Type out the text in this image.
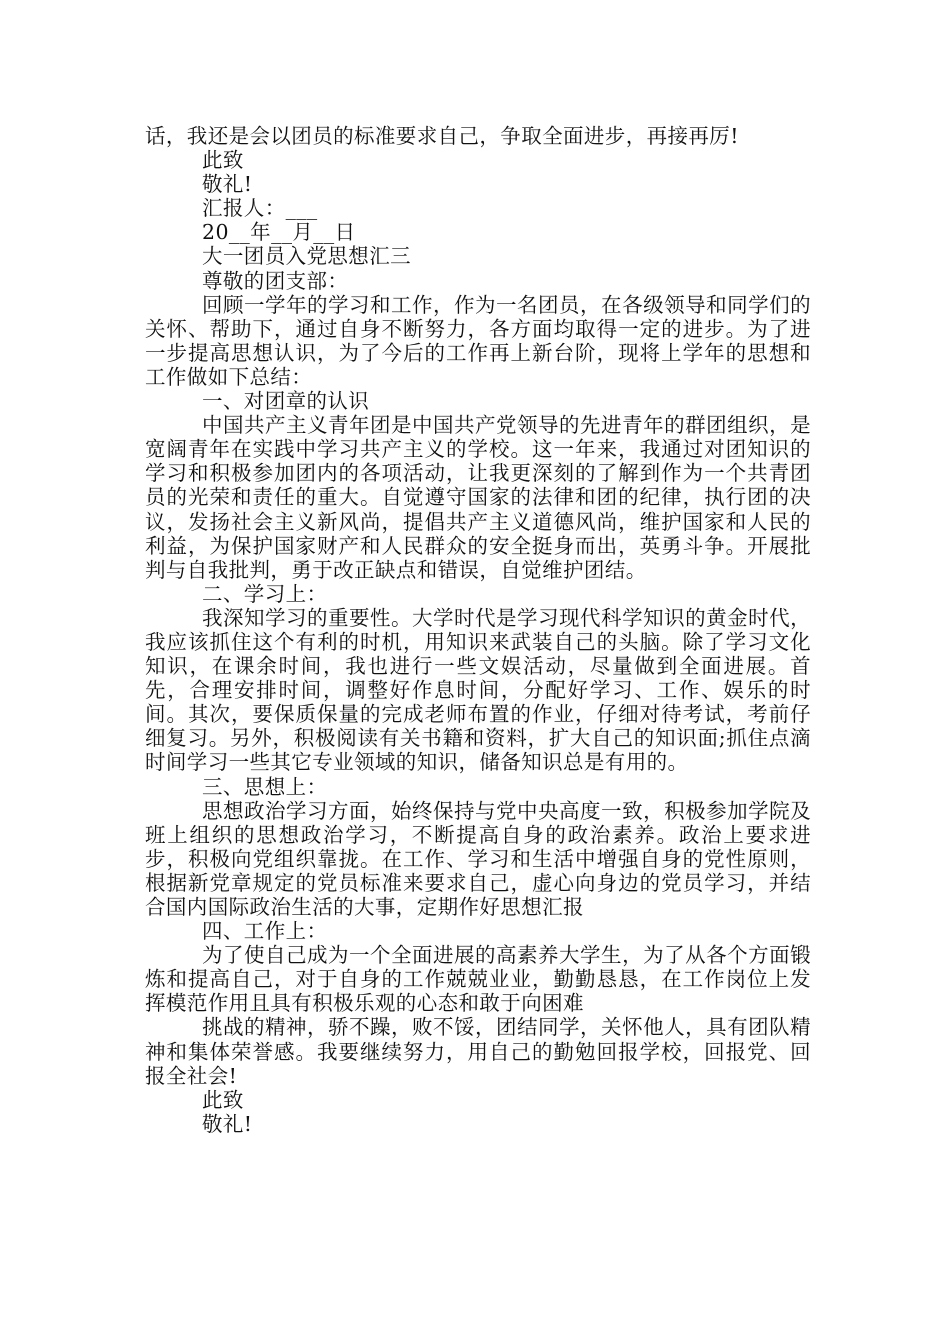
话，我还是会以团员的标准要求自己，争取全面进步，再接再厉!

此致

敬礼!

汇报人：___

20__年__月__日

大一团员入党思想汇三

尊敬的团支部：

回顾一学年的学习和工作，作为一名团员，在各级领导和同学们的关怀、帮助下，通过自身不断努力，各方面均取得一定的进步。为了进一步提高思想认识，为了今后的工作再上新台阶，现将上学年的思想和工作做如下总结：

一、对团章的认识

中国共产主义青年团是中国共产党领导的先进青年的群团组织，是宽阔青年在实践中学习共产主义的学校。这一年来，我通过对团知识的学习和积极参加团内的各项活动，让我更深刻的了解到作为一个共青团员的光荣和责任的重大。自觉遵守国家的法律和团的纪律，执行团的决议，发扬社会主义新风尚，提倡共产主义道德风尚，维护国家和人民的利益，为保护国家财产和人民群众的安全挺身而出，英勇斗争。开展批判与自我批判，勇于改正缺点和错误，自觉维护团结。

二、学习上：

我深知学习的重要性。大学时代是学习现代科学知识的黄金时代，我应该抓住这个有利的时机，用知识来武装自己的头脑。除了学习文化知识，在课余时间，我也进行一些文娱活动，尽量做到全面进展。首先，合理安排时间，调整好作息时间，分配好学习、工作、娱乐的时间。其次，要保质保量的完成老师布置的作业，仔细对待考试，考前仔细复习。另外，积极阅读有关书籍和资料，扩大自己的知识面;抓住点滴时间学习一些其它专业领域的知识，储备知识总是有用的。

三、思想上：

思想政治学习方面，始终保持与党中央高度一致，积极参加学院及班上组织的思想政治学习，不断提高自身的政治素养。政治上要求进步，积极向党组织靠拢。在工作、学习和生活中增强自身的党性原则，根据新党章规定的党员标准来要求自己，虚心向身边的党员学习，并结合国内国际政治生活的大事，定期作好思想汇报

四、工作上：

为了使自己成为一个全面进展的高素养大学生，为了从各个方面锻炼和提高自己，对于自身的工作兢兢业业，勤勤恳恳，在工作岗位上发挥模范作用且具有积极乐观的心态和敢于向困难

挑战的精神，骄不躁，败不馁，团结同学，关怀他人，具有团队精神和集体荣誉感。我要继续努力，用自己的勤勉回报学校，回报党、回报全社会!

此致

敬礼!
